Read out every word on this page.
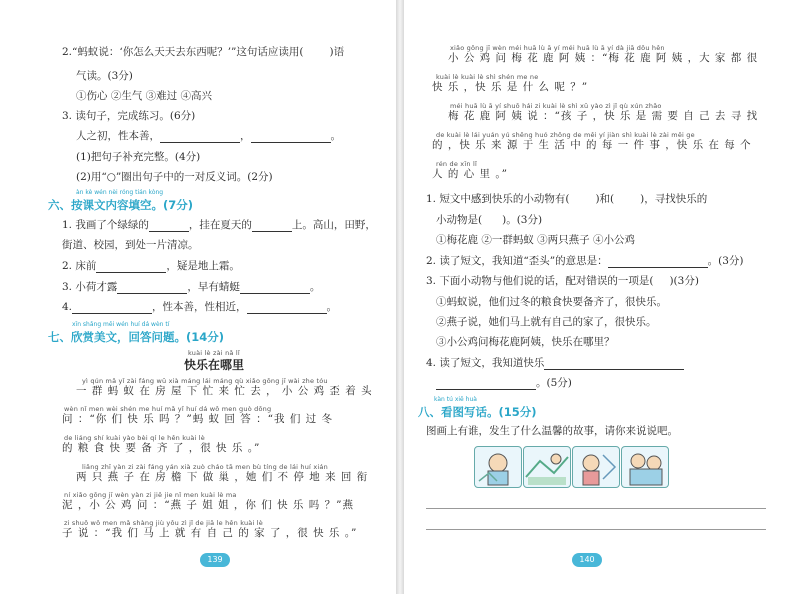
2.“蚂蚁说：‘你怎么天天去东西呢？’”这句话应读用( )语
气读。(3分)
①伤心 ②生气 ③难过 ④高兴
3. 读句子，完成练习。(6分)
人之初，性本善，	，	。
(1)把句子补充完整。(4分)
(2)用“○”圈出句子中的一对反义词。(2分)
àn kè wén nèi róng tián kòng
六、按课文内容填空。(7分)
1. 我画了个绿绿的	，挂在夏天的	上。高山，田野，
街道、校园，到处一片清凉。
2. 床前	，疑是地上霜。
3. 小荷才露	，早有蜻蜓	。
4.	，性本善，性相近，	。
xīn shǎng měi wén huí dá wèn tí
七、欣赏美文，回答问题。(14分)
kuài lè zài nǎ lǐ
快乐在哪里
yì qún mǎ yǐ zài fáng wū xià máng lái máng qù xiǎo gōng jī wài zhe tóu
一 群 蚂 蚁 在 房 屋 下 忙 来 忙 去 ， 小 公 鸡 歪 着 头
wèn nǐ men wèi shén me huí mǎ yǐ huí dá wǒ men guò dōng
问 ：“你 们 快 乐 吗 ？”蚂 蚁 回 答 ：“我 们 过 冬
de liáng shí kuài yào bèi qí le hěn kuài lè
的 粮 食 快 要 备 齐 了 ，很 快 乐 。”
liǎng zhī yàn zi zài fáng yán xià zuò cháo tā men bù tíng de lái huí xián
两 只 燕 子 在 房 檐 下 做 巢 ，她 们 不 停 地 来 回 衔
ní xiǎo gōng jī wèn yàn zi jiě jie nǐ men kuài lè ma
泥 ，小 公 鸡 问 ：“燕 子 姐 姐 ，你 们 快 乐 吗 ？”燕
zi shuō wǒ men mǎ shàng jiù yǒu zì jǐ de jiā le hěn kuài lè
子 说 ：“我 们 马 上 就 有 自 己 的 家 了 ，很 快 乐 。”
139
xiǎo gōng jī wèn méi huā lù ā yí méi huā lù ā yí dà jiā dōu hěn
小 公 鸡 问 梅 花 鹿 阿 姨 ：“梅 花 鹿 阿 姨 ，大 家 都 很
kuài lè kuài lè shì shén me ne
快 乐 ，快 乐 是 什 么 呢 ？”
méi huā lù ā yí shuō hái zi kuài lè shì xū yào zì jǐ qù xún zhǎo
梅 花 鹿 阿 姨 说 ：“孩 子 ，快 乐 是 需 要 自 己 去 寻 找
de kuài lè lái yuán yú shēng huó zhōng de měi yí jiàn shì kuài lè zài měi ge
的 ，快 乐 来 源 于 生 活 中 的 每 一 件 事 ，快 乐 在 每 个
rén de xīn lǐ
人 的 心 里 。”
1. 短文中感到快乐的小动物有( )和( )，寻找快乐的
小动物是( )。(3分)
①梅花鹿 ②一群蚂蚁 ③两只燕子 ④小公鸡
2. 读了短文，我知道“歪头”的意思是：	。(3分)
3. 下面小动物与他们说的话，配对错误的一项是( )(3分)
①蚂蚁说，他们过冬的粮食快要备齐了，很快乐。
②燕子说，她们马上就有自己的家了，很快乐。
③小公鸡问梅花鹿阿姨，快乐在哪里？
4. 读了短文，我知道快乐
。(5分)
kàn tú xiě huà
八、看图写话。(15分)
图画上有谁，发生了什么温馨的故事，请你来说说吧。
140
